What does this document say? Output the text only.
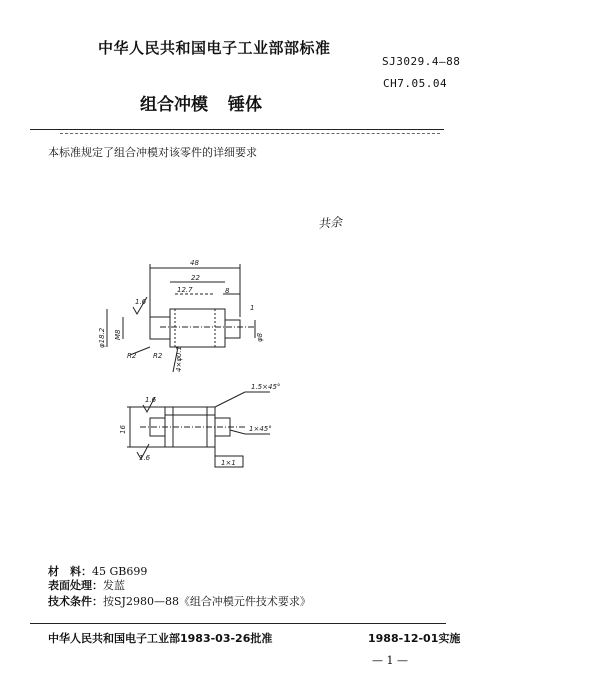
中华人民共和国电子工业部部标准
SJ3029.4—88
CH7.05.04
组合冲模 锤体
本标准规定了组合冲模对该零件的详细要求
共余
48
22
12.7	8
1
φ18.2 M8	φ8
1.6
R2 R2 4×φ0.1
16
1.6
1.6
1.5×45°
1×45°
1×1
材　料：45 GB699
表面处理：发蓝
技术条件：按SJ2980—88《组合冲模元件技术要求》
中华人民共和国电子工业部1983-03-26批准	1988-12-01实施
— 1 —
